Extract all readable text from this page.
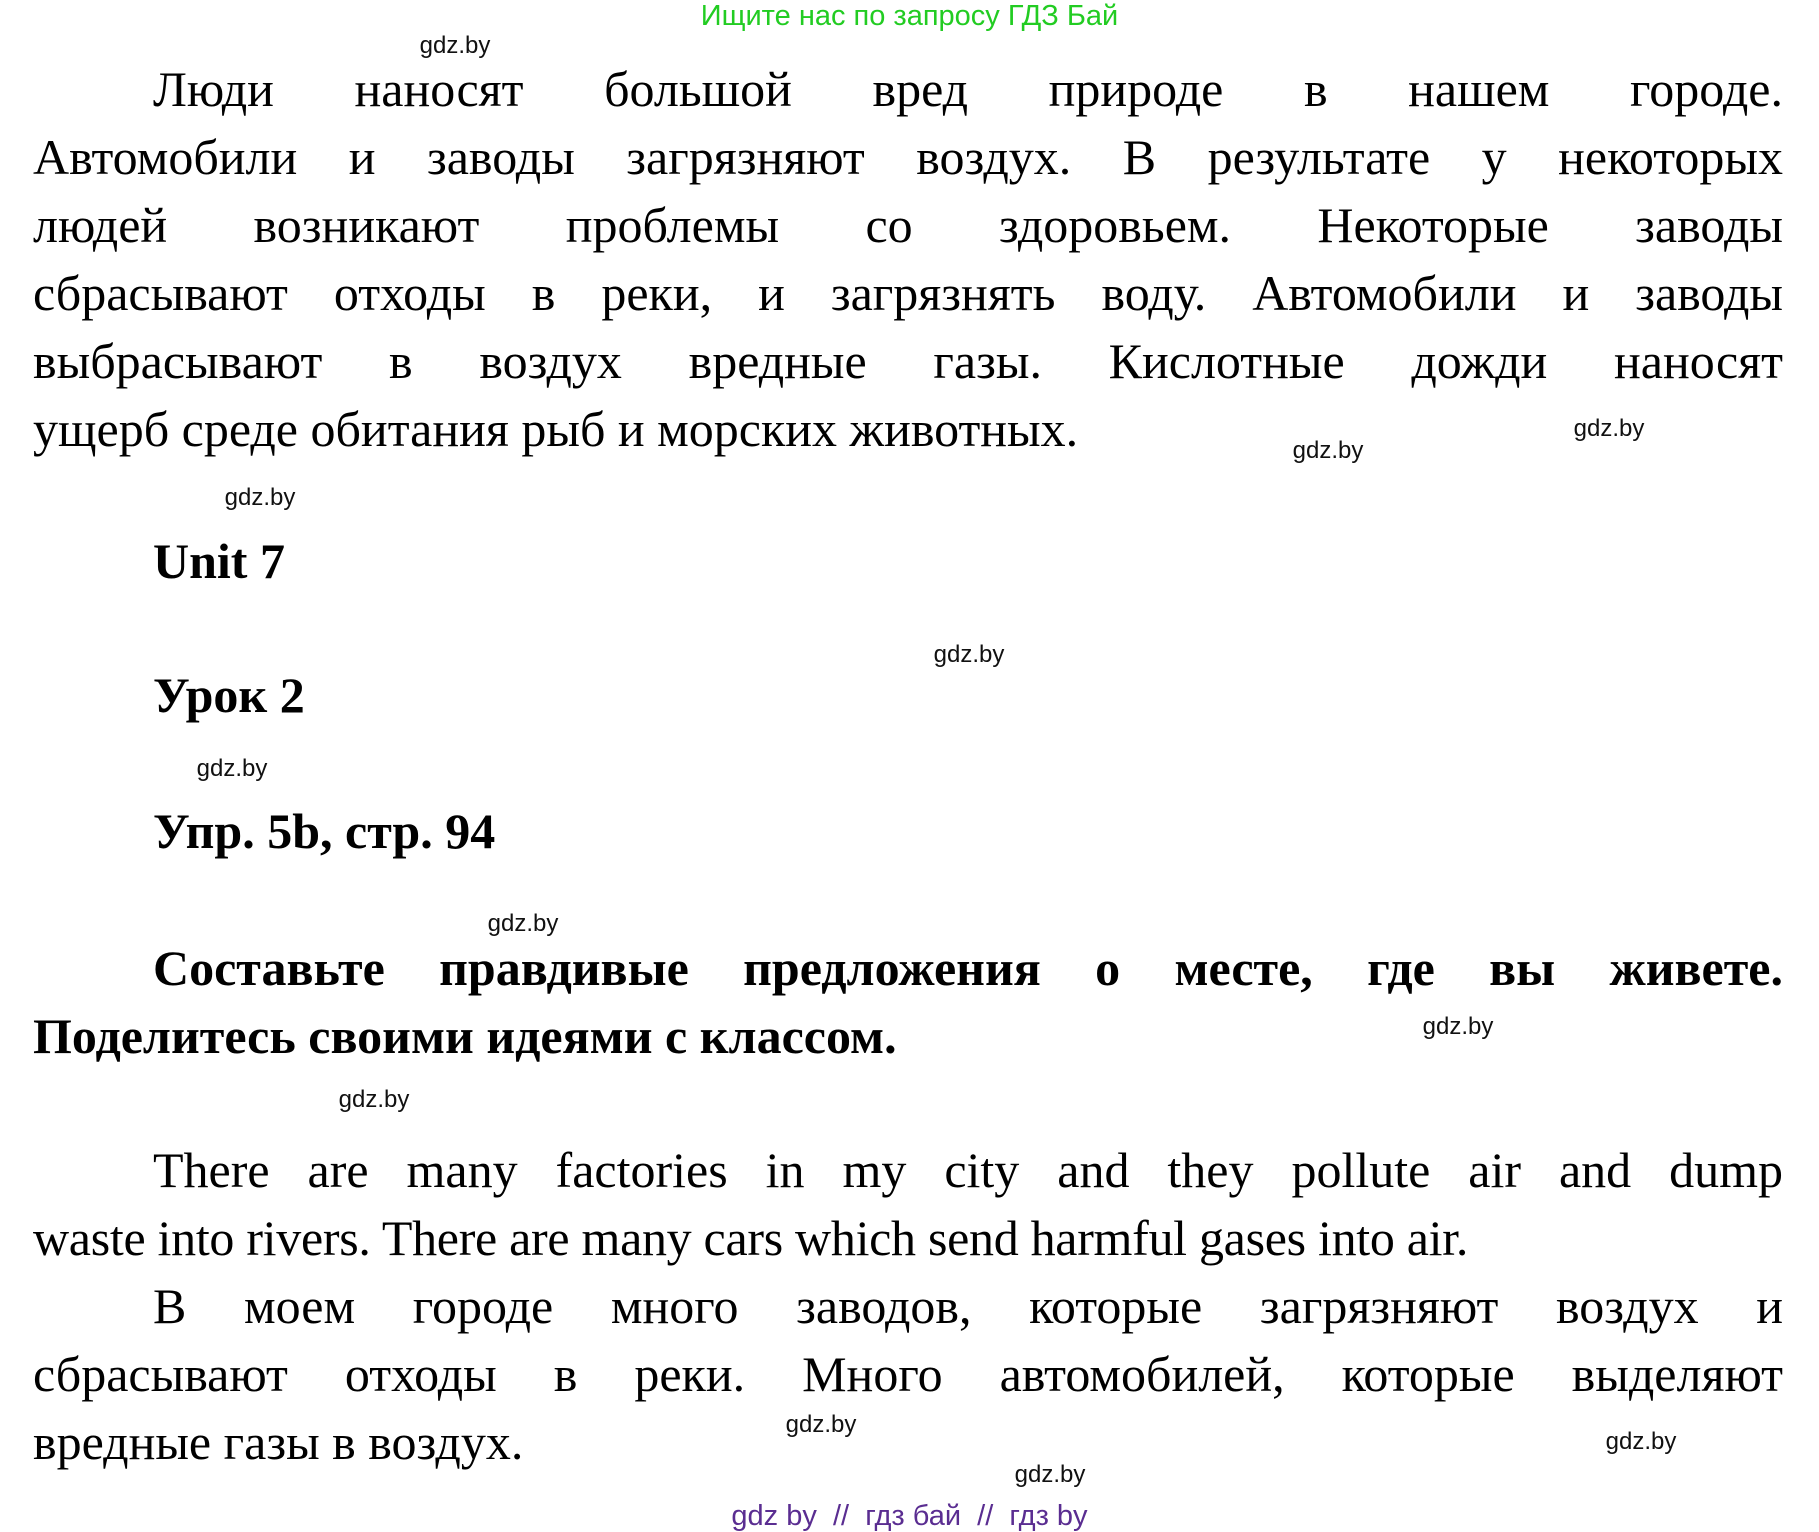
Ищите нас по запросу ГДЗ Бай
Люди наносят большой вред природе в нашем городе.
Автомобили и заводы загрязняют воздух. В результате у некоторых
людей возникают проблемы со здоровьем. Некоторые заводы
сбрасывают отходы в реки, и загрязнять воду. Автомобили и заводы
выбрасывают в воздух вредные газы. Кислотные дожди наносят
ущерб среде обитания рыб и морских животных.
Unit 7
Урок 2
Упр. 5b, стр. 94
Составьте правдивые предложения о месте, где вы живете.
Поделитесь своими идеями с классом.
There are many factories in my city and they pollute air and dump
waste into rivers. There are many cars which send harmful gases into air.
В моем городе много заводов, которые загрязняют воздух и
сбрасывают отходы в реки. Много автомобилей, которые выделяют
вредные газы в воздух.
gdz.by
gdz.by
gdz.by
gdz.by
gdz.by
gdz.by
gdz.by
gdz.by
gdz.by
gdz.by
gdz.by
gdz.by
gdz by  //  гдз бай  //  гдз by
